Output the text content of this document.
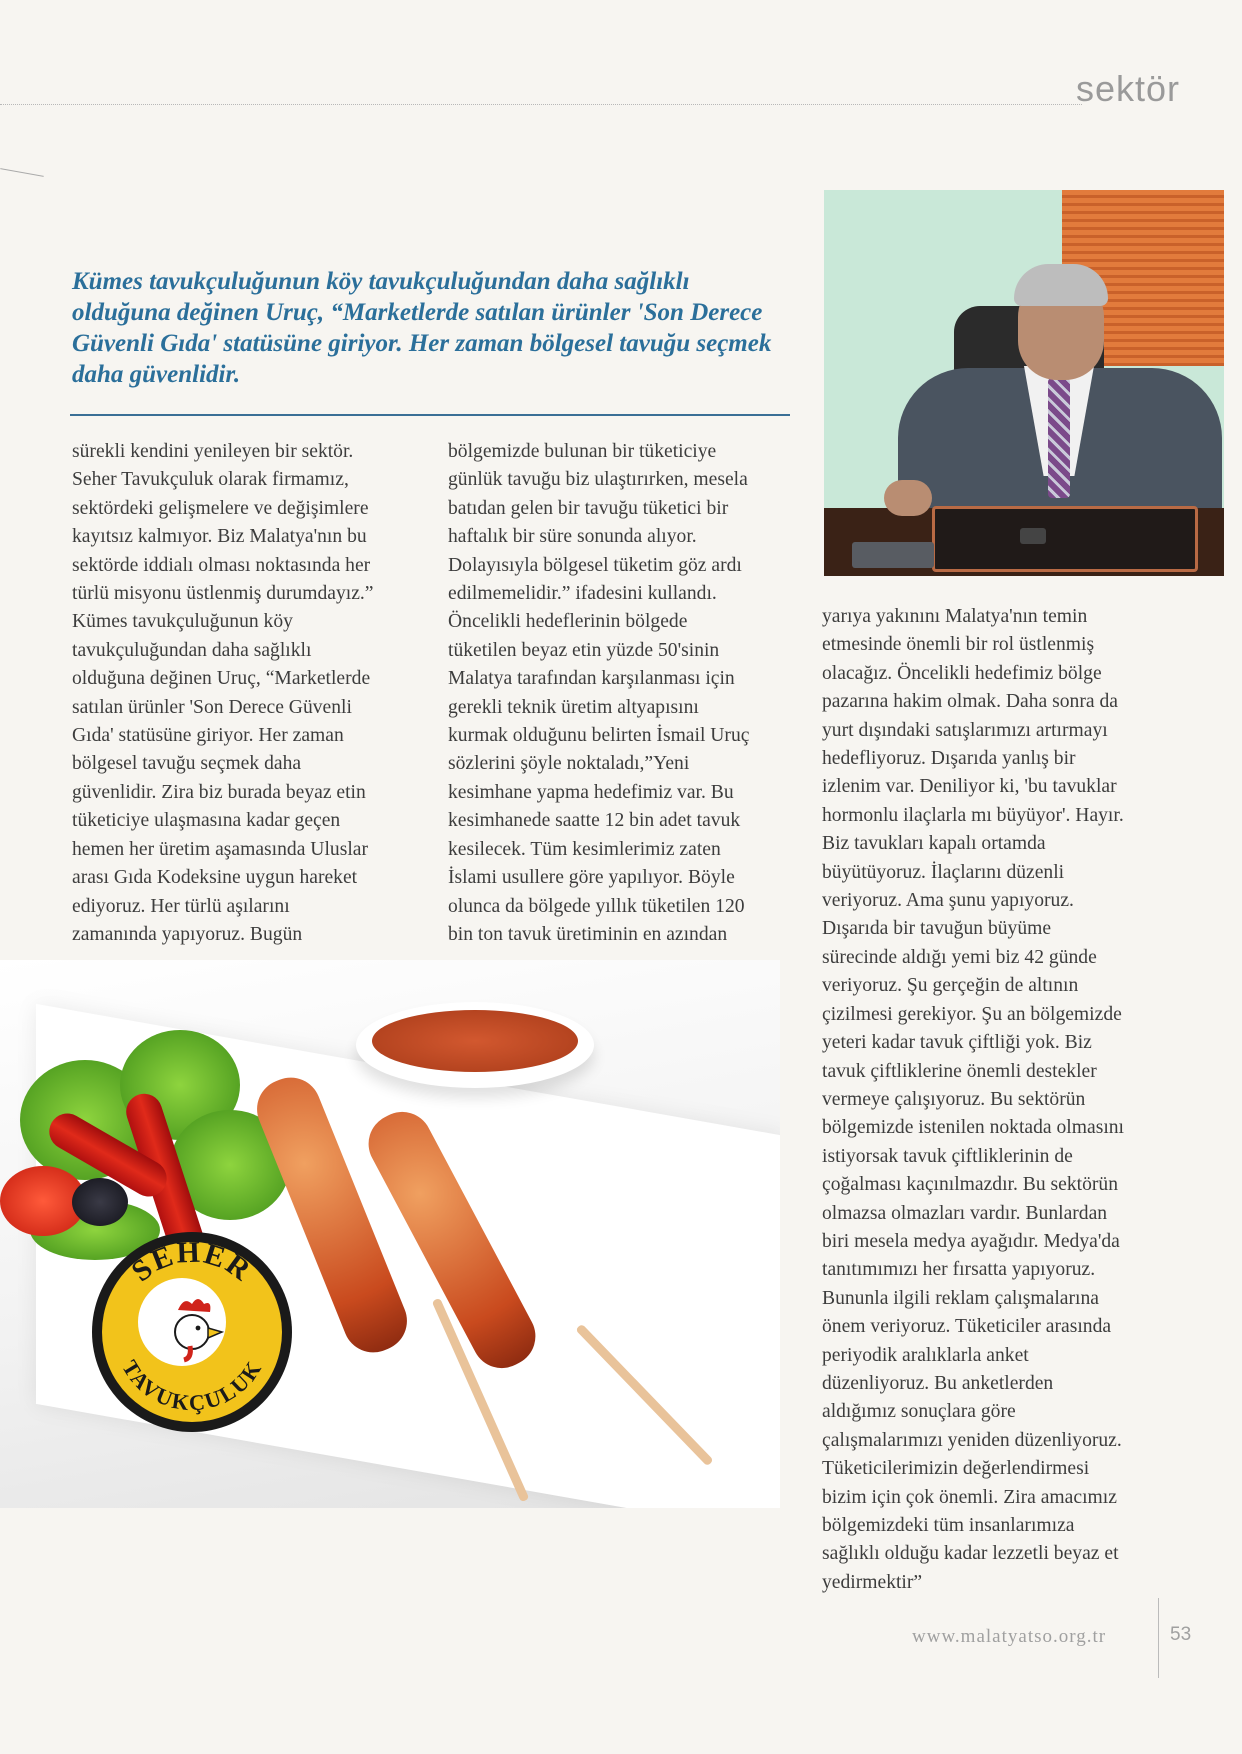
sektör
Kümes tavukçuluğunun köy tavukçuluğundan daha sağlıklı olduğuna değinen Uruç, “Marketlerde satılan ürünler 'Son Derece Güvenli Gıda' statüsüne giriyor. Her zaman bölgesel tavuğu seçmek daha güvenlidir.
sürekli kendini yenileyen bir sektör.
Seher Tavukçuluk olarak firmamız,
sektördeki gelişmelere ve değişimlere
kayıtsız kalmıyor. Biz Malatya'nın bu
sektörde iddialı olması noktasında her
türlü misyonu üstlenmiş durumdayız.”
Kümes tavukçuluğunun köy
tavukçuluğundan daha sağlıklı
olduğuna değinen Uruç, “Marketlerde
satılan ürünler 'Son Derece Güvenli
Gıda' statüsüne giriyor. Her zaman
bölgesel tavuğu seçmek daha
güvenlidir. Zira biz burada beyaz etin
tüketiciye ulaşmasına kadar geçen
hemen her üretim aşamasında Uluslar
arası Gıda Kodeksine uygun hareket
ediyoruz. Her türlü aşılarını
zamanında yapıyoruz. Bugün
bölgemizde bulunan bir tüketiciye
günlük tavuğu biz ulaştırırken, mesela
batıdan gelen bir tavuğu tüketici bir
haftalık bir süre sonunda alıyor.
Dolayısıyla bölgesel tüketim göz ardı
edilmemelidir.” ifadesini kullandı.
Öncelikli hedeflerinin bölgede
tüketilen beyaz etin yüzde 50'sinin
Malatya tarafından karşılanması için
gerekli teknik üretim altyapısını
kurmak olduğunu belirten İsmail Uruç
sözlerini şöyle noktaladı,”Yeni
kesimhane yapma hedefimiz var. Bu
kesimhanede saatte 12 bin adet tavuk
kesilecek. Tüm kesimlerimiz zaten
İslami usullere göre yapılıyor. Böyle
olunca da bölgede yıllık tüketilen 120
bin ton tavuk üretiminin en azından
yarıya yakınını Malatya'nın temin
etmesinde önemli bir rol üstlenmiş
olacağız. Öncelikli hedefimiz bölge
pazarına hakim olmak. Daha sonra da
yurt dışındaki satışlarımızı artırmayı
hedefliyoruz. Dışarıda yanlış bir
izlenim var. Deniliyor ki, 'bu tavuklar
hormonlu ilaçlarla mı büyüyor'. Hayır.
Biz tavukları kapalı ortamda
büyütüyoruz. İlaçlarını düzenli
veriyoruz. Ama şunu yapıyoruz.
Dışarıda bir tavuğun büyüme
sürecinde aldığı yemi biz 42 günde
veriyoruz. Şu gerçeğin de altının
çizilmesi gerekiyor. Şu an bölgemizde
yeteri kadar tavuk çiftliği yok. Biz
tavuk çiftliklerine önemli destekler
vermeye çalışıyoruz. Bu sektörün
bölgemizde istenilen noktada olmasını
istiyorsak tavuk çiftliklerinin de
çoğalması kaçınılmazdır. Bu sektörün
olmazsa olmazları vardır. Bunlardan
biri mesela medya ayağıdır. Medya'da
tanıtımımızı her fırsatta yapıyoruz.
Bununla ilgili reklam çalışmalarına
önem veriyoruz. Tüketiciler arasında
periyodik aralıklarla anket
düzenliyoruz. Bu anketlerden
aldığımız sonuçlara göre
çalışmalarımızı yeniden düzenliyoruz.
Tüketicilerimizin değerlendirmesi
bizim için çok önemli. Zira amacımız
bölgemizdeki tüm insanlarımıza
sağlıklı olduğu kadar lezzetli beyaz et
yedirmektir”
SEHER
TAVUKÇULUK
www.malatyatso.org.tr	53
